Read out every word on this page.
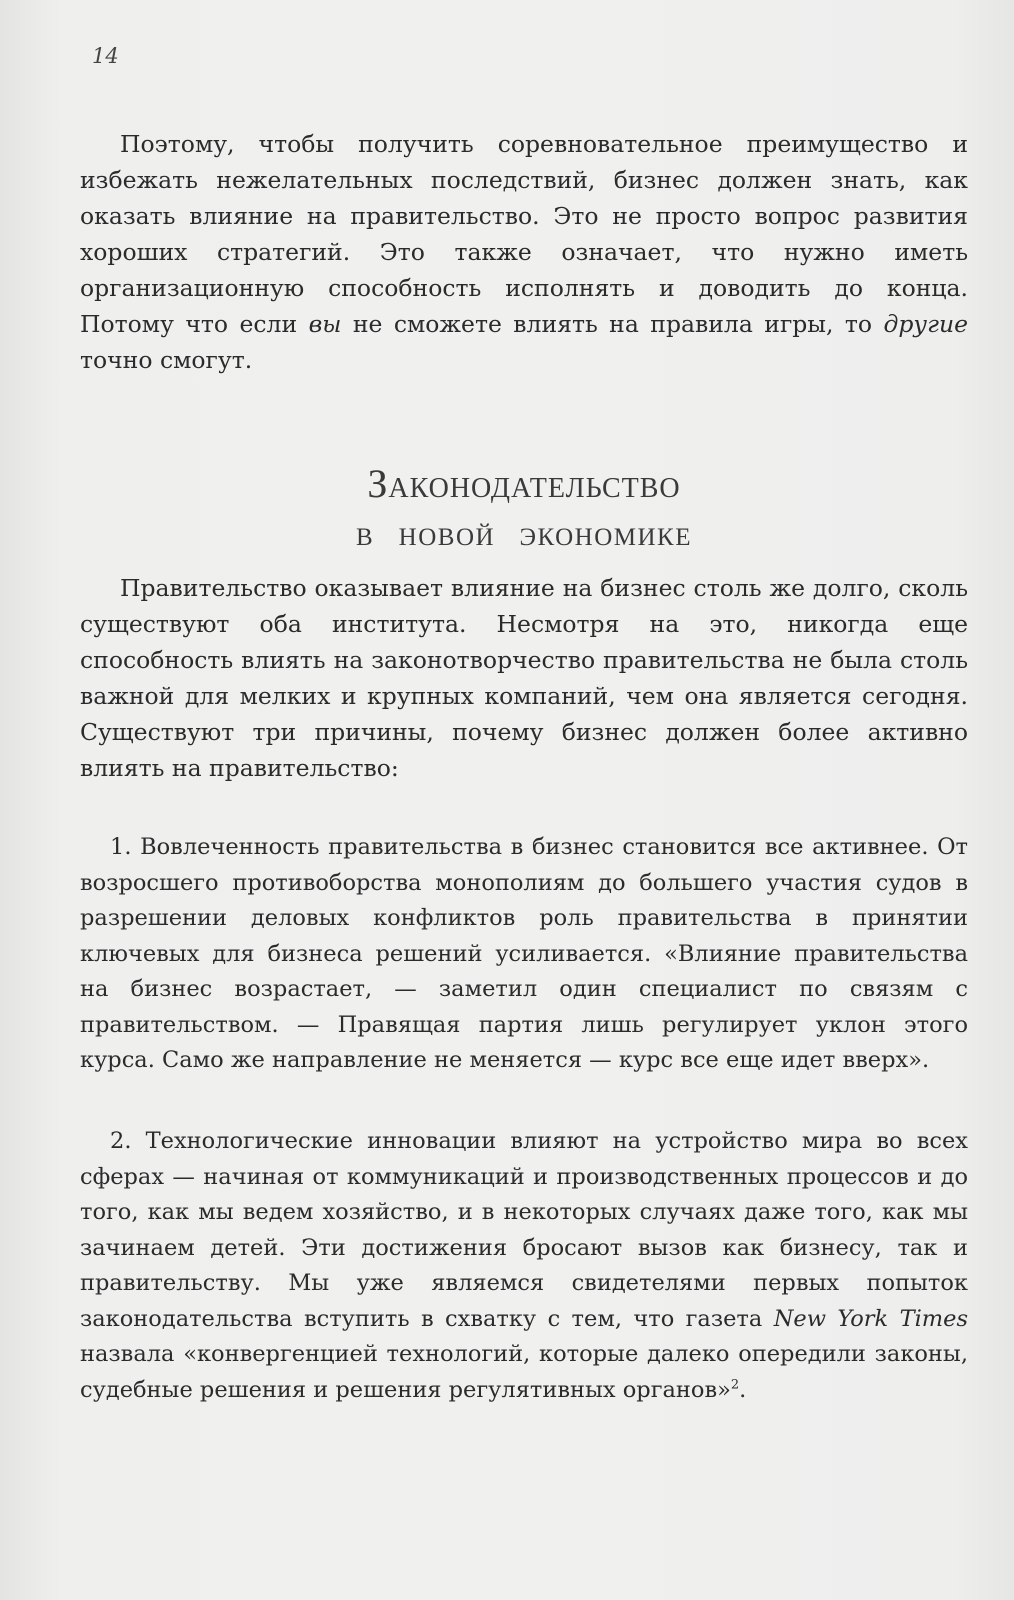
14

Поэтому, чтобы получить соревновательное преимущество и избежать нежелательных последствий, бизнес должен знать, как оказать влияние на правительство. Это не просто вопрос развития хороших стратегий. Это также означает, что нужно иметь организационную способность исполнять и доводить до конца. Потому что если вы не сможете влиять на правила игры, то другие точно смогут.

Законодательство
в новой экономике

Правительство оказывает влияние на бизнес столь же долго, сколь существуют оба института. Несмотря на это, никогда еще способность влиять на законотворчество правительства не была столь важной для мелких и крупных компаний, чем она является сегодня. Существуют три причины, почему бизнес должен более активно влиять на правительство:

1. Вовлеченность правительства в бизнес становится все активнее. От возросшего противоборства монополиям до большего участия судов в разрешении деловых конфликтов роль правительства в принятии ключевых для бизнеса решений усиливается. «Влияние правительства на бизнес возрастает, — заметил один специалист по связям с правительством. — Правящая партия лишь регулирует уклон этого курса. Само же направление не меняется — курс все еще идет вверх».

2. Технологические инновации влияют на устройство мира во всех сферах — начиная от коммуникаций и производственных процессов и до того, как мы ведем хозяйство, и в некоторых случаях даже того, как мы зачинаем детей. Эти достижения бросают вызов как бизнесу, так и правительству. Мы уже являемся свидетелями первых попыток законодательства вступить в схватку с тем, что газета New York Times назвала «конвергенцией технологий, которые далеко опередили законы, судебные решения и решения регулятивных органов»$^2$.
